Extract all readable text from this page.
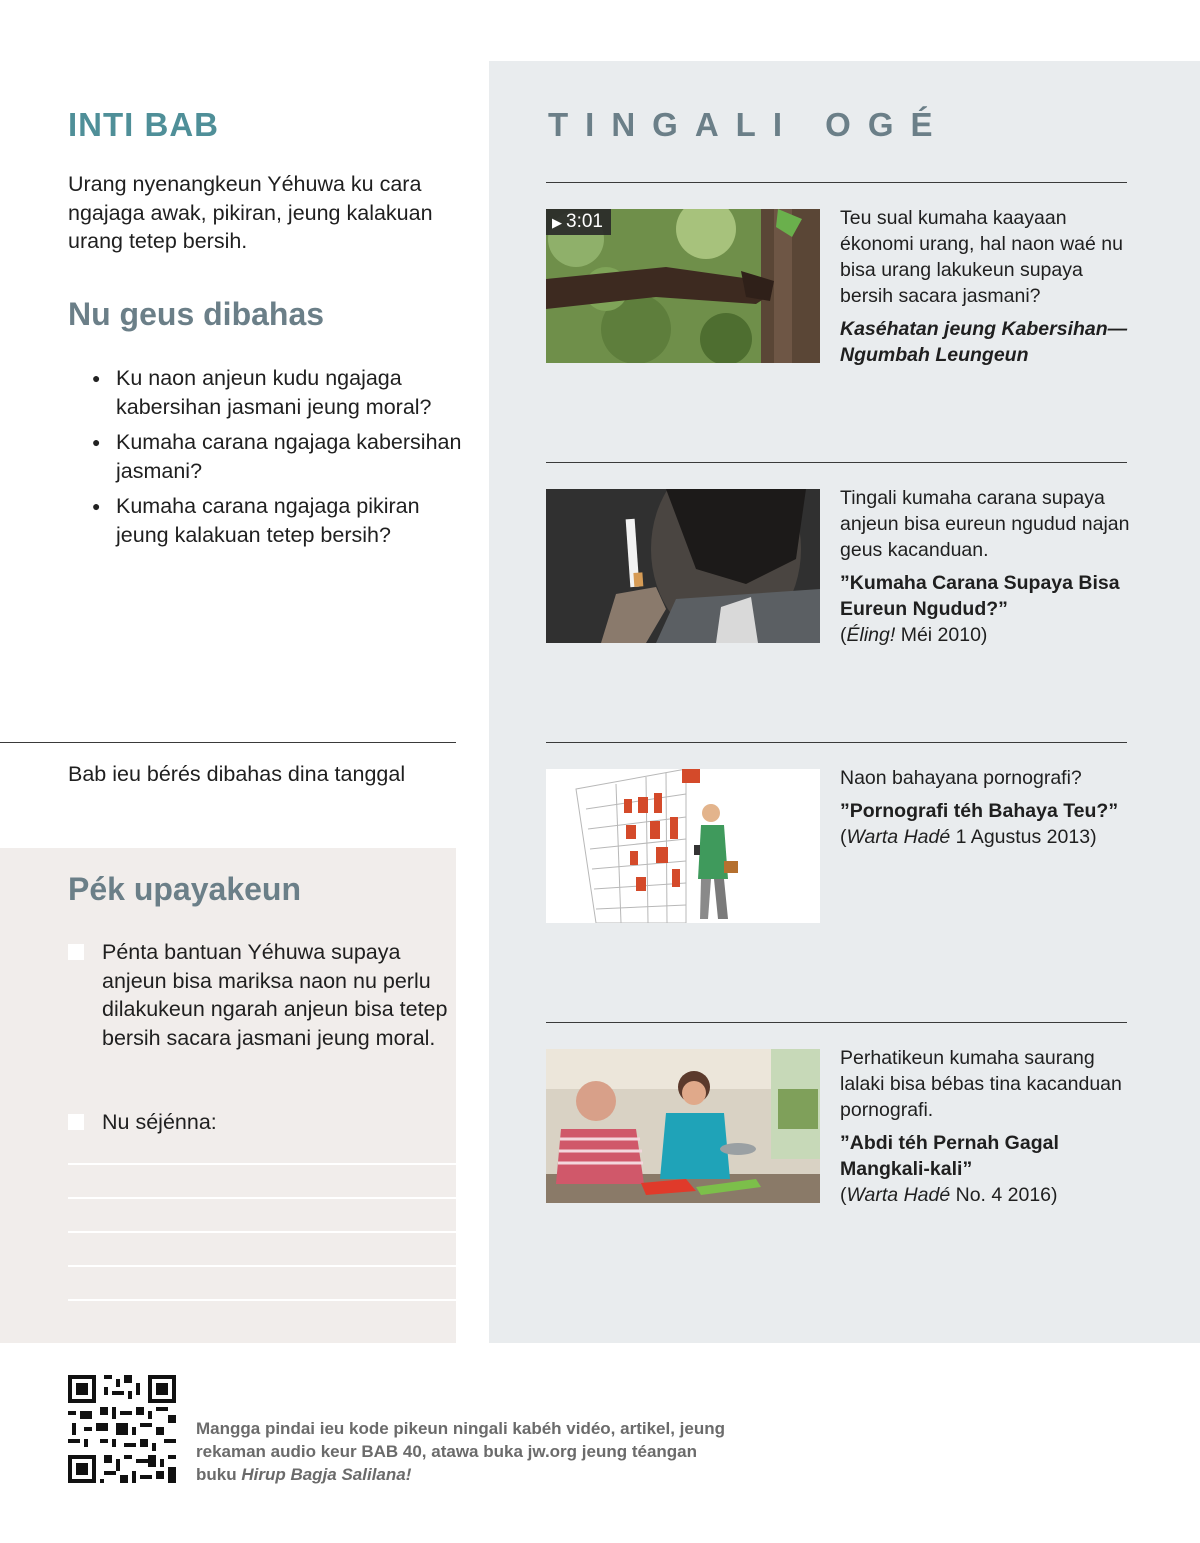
INTI BAB

Urang nyenangkeun Yéhuwa ku cara ngajaga awak, pikiran, jeung kalakuan urang tetep bersih.

Nu geus dibahas
● Ku naon anjeun kudu ngajaga kabersihan jasmani jeung moral?
● Kumaha carana ngajaga kabersihan jasmani?
● Kumaha carana ngajaga pikiran jeung kalakuan tetep bersih?

Bab ieu bérés dibahas dina tanggal

Pék upayakeun
Pénta bantuan Yéhuwa supaya anjeun bisa mariksa naon nu perlu dilakukeun ngarah anjeun bisa tetep bersih sacara jasmani jeung moral.
Nu séjénna:
TINGALI OGÉ
▶ 3:01	Teu sual kumaha kaayaan ékonomi urang, hal naon waé nu bisa urang lakukeun supaya bersih sacara jasmani?

Kaséhatan jeung Kabersihan—Ngumbah Leungeun

Tingali kumaha carana supaya anjeun bisa eureun ngudud najan geus kacanduan.

”Kumaha Carana Supaya Bisa Eureun Ngudud?”

(Éling! Méi 2010)

Naon bahayana pornografi?

”Pornografi téh Bahaya Teu?”

(Warta Hadé 1 Agustus 2013)

Perhatikeun kumaha saurang lalaki bisa bébas tina kacanduan pornografi.

”Abdi téh Pernah Gagal Mangkali-kali”

(Warta Hadé No. 4 2016)

Mangga pindai ieu kode pikeun ningali kabéh vidéo, artikel, jeung rekaman audio keur BAB 40, atawa buka jw.org jeung téangan buku Hirup Bagja Salilana!
